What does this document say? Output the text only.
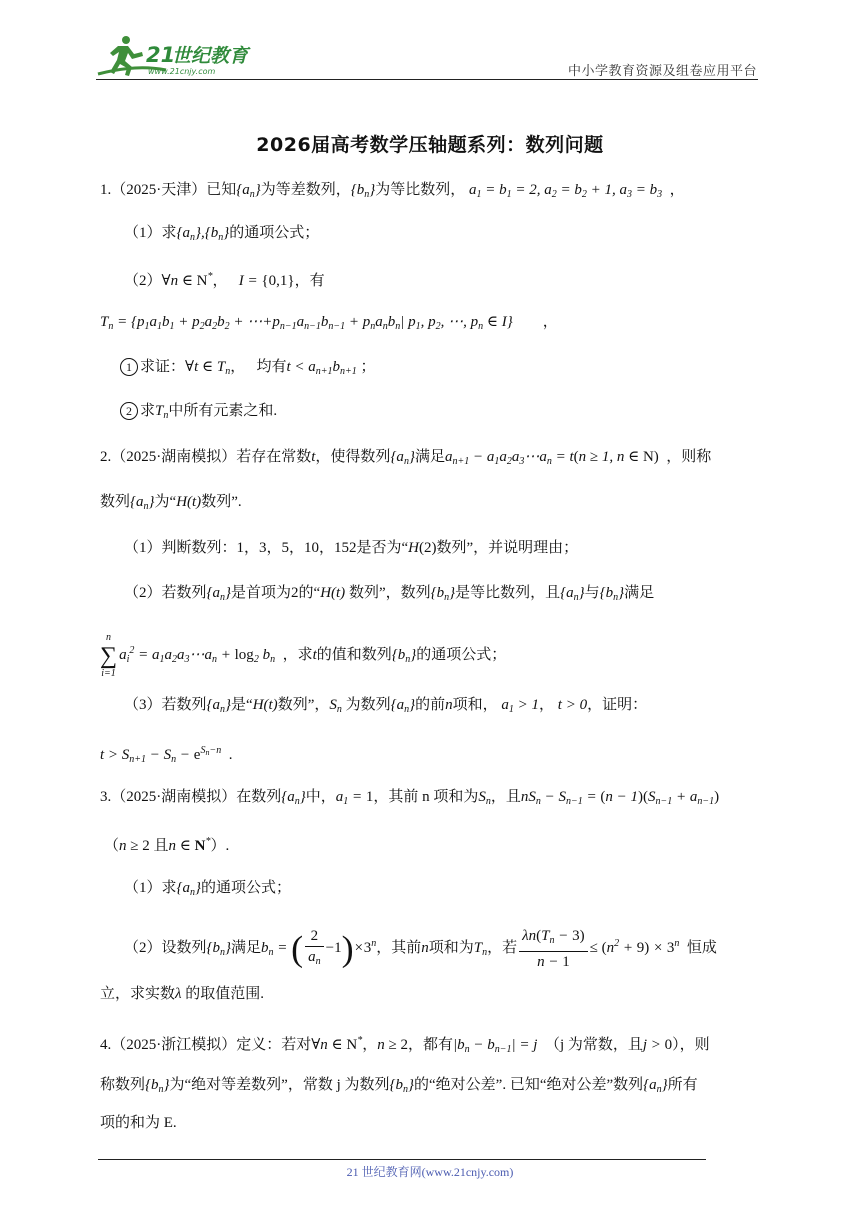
21
世纪教育
www.21cnjy.com	中小学教育资源及组卷应用平台
2026届高考数学压轴题系列：数列问题
1.（2025·天津）已知$\{a_n\}$为等差数列，$\{b_n\}$为等比数列， $a_1 = b_1 = 2$, $a_2 = b_2 + 1$, $a_3 = b_3$  ，
（1）求$\{a_n\},\{b_n\}$的通项公式；
（2）∀n ∈ N*，   I = {0,1}，有
$T_n = \{p_1a_1b_1 + p_2a_2b_2$ + $\cdots+p_{n-1}a_{n-1}b_{n-1} + p_na_nb_n|$ $p_1$, $p_2$, ⋯, $p_n$ ∈ I}        ，
1 求证：∀t ∈ $T_n$，   均有$t < a_{n+1}b_{n+1}$ ；
2 求$T_n$中所有元素之和.
2.（2025·湖南模拟）若存在常数t，使得数列$\{a_n\}$满足$a_{n+1}$ − $a_1a_2a_3\cdots a_n = t(n \ge 1$, n ∈ N) ，则称
数列$\{a_n\}$为“H(t)数列”.
（1）判断数列：1，3，5，10，152是否为“H(2)数列”，并说明理由；
（2）若数列$\{a_n\}$是首项为2的“H(t) 数列”，数列$\{b_n\}$是等比数列，且$\{a_n\}$与$\{b_n\}$满足
n
∑
i=1
$a_i^2$ = $a_1a_2a_3\cdots a_n + \log_2 b_n$ ，求t的值和数列$\{b_n\}$的通项公式；
（3）若数列$\{a_n\}$是“H(t)数列”，$S_n$ 为数列$\{a_n\}$的前n项和， $a_1 > 1$， t > 0，证明：
$t > S_{n+1} - S_n - e^{S_n-n}$  .
3.（2025·湖南模拟）在数列$\{a_n\}$中，$a_1 = 1$，其前 n 项和为$S_n$，且$nS_n - S_{n-1} = (n - 1)(S_{n-1} + a_{n-1})$
（n ≥ 2 且n ∈ N*）.
（1）求$\{a_n\}$的通项公式；
（2）设数列$\{b_n\}$满足$b_n$ = ( $\frac{2}{a_n} -1)\times 3^n$，其前n项和为$T_n$，若 $\frac{\lambda n(T_n - 3)}{n - 1} \le (n^2 + 9) \times 3^n$ 恒成
立，求实数λ 的取值范围.
4.（2025·浙江模拟）定义：若对∀n ∈ N*，n ≥ 2，都有$|b_n - b_{n-1}| = j$ （j 为常数，且j > 0），则
称数列$\{b_n\}$为“绝对等差数列”，常数 j 为数列$\{b_n\}$的“绝对公差”. 已知“绝对公差”数列$\{a_n\}$所有
项的和为 E.
21 世纪教育网(www.21cnjy.com)
